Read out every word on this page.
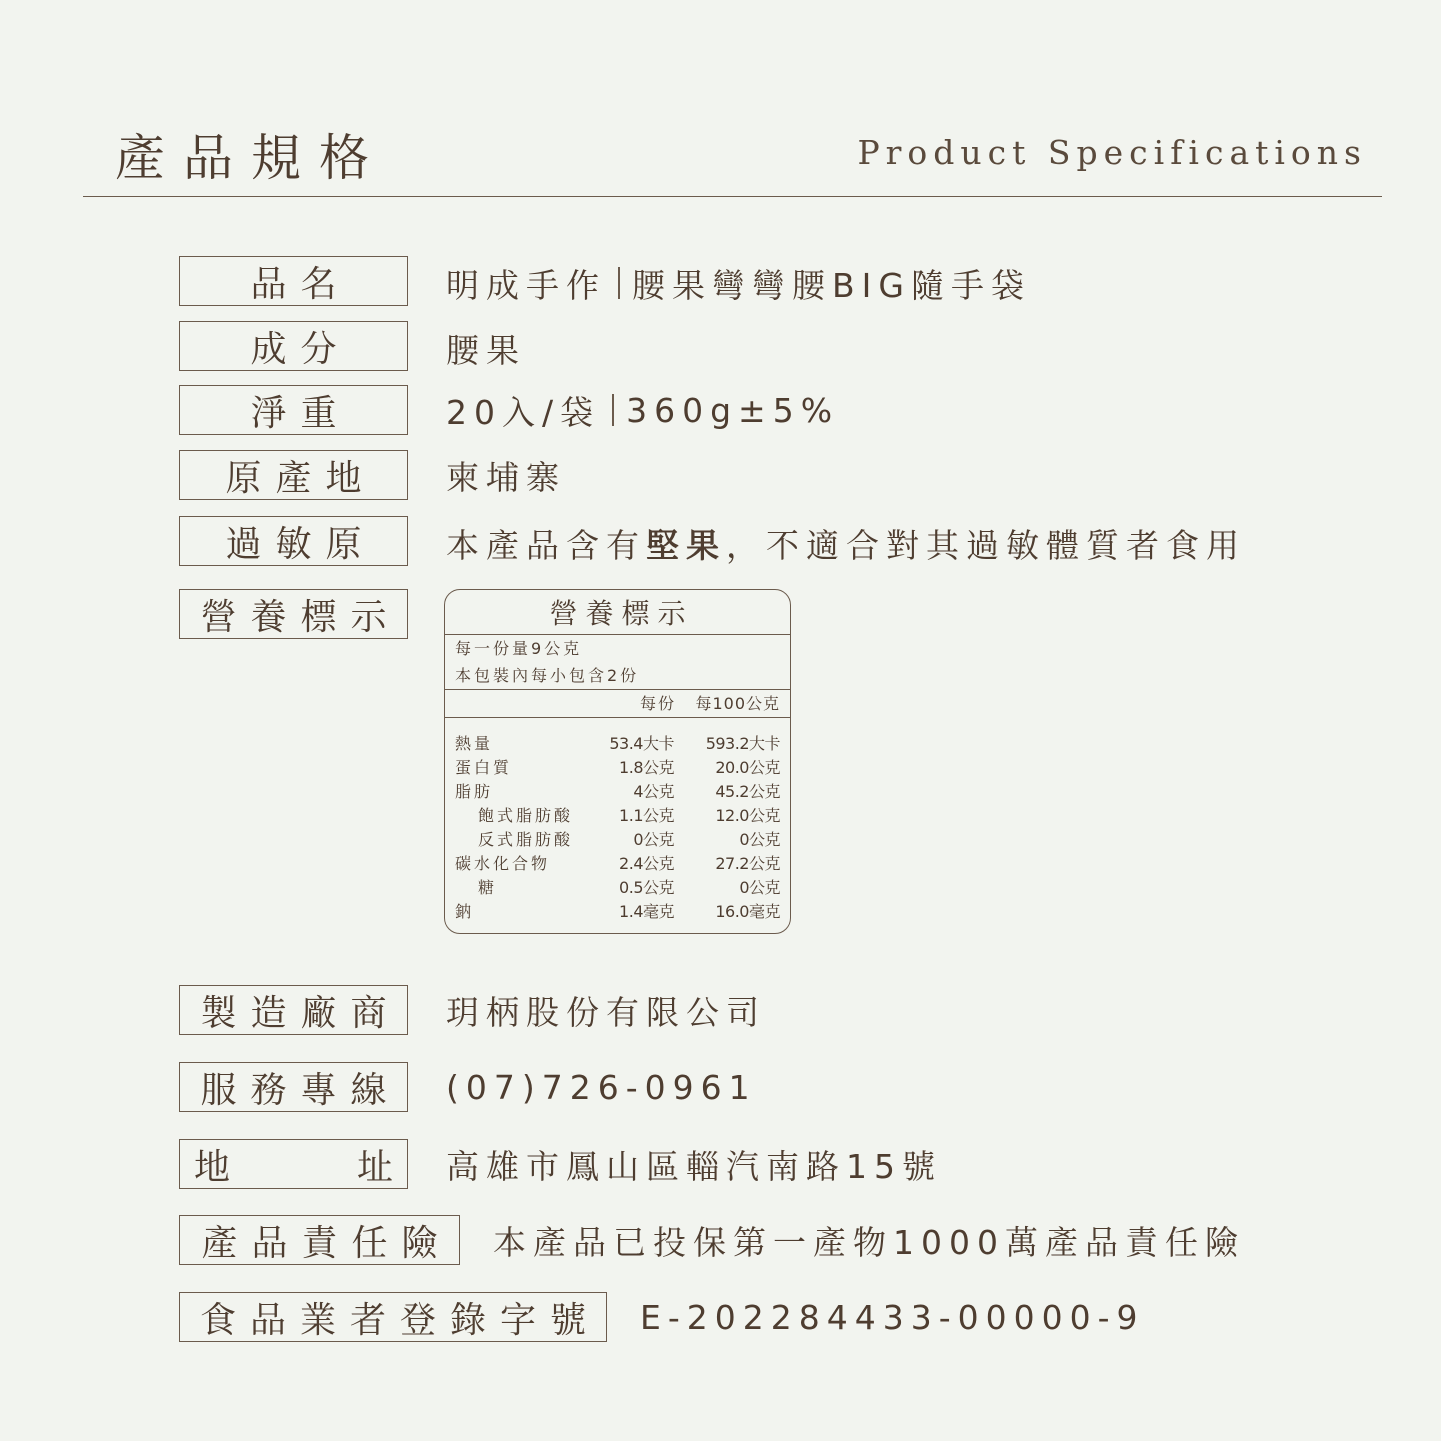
產品規格	Product Specifications
品名	明成手作 腰果彎彎腰BIG隨手袋
成分	腰果
淨重	20入/袋 360g±5%
原產地	柬埔寨
過敏原	本產品含有 堅果 ，不適合對其過敏體質者食用
營養標示	營養標示
每一份量9公克
本包裝內每小包含2份
每份 每100公克
熱量	53.4大卡 593.2大卡
蛋白質	1.8公克	20.0公克
脂肪	4公克	45.2公克
飽式脂肪酸	1.1公克	12.0公克
反式脂肪酸	0公克	0公克
碳水化合物	2.4公克	27.2公克
糖	0.5公克	0公克
鈉	1.4毫克	16.0毫克
製造廠商 玥柄股份有限公司
服務專線 (07)726-0961
地	址 高雄市鳳山區輜汽南路15號
產品責任險 本產品已投保第一產物1000萬產品責任險
食品業者登錄字號 E-202284433-00000-9
